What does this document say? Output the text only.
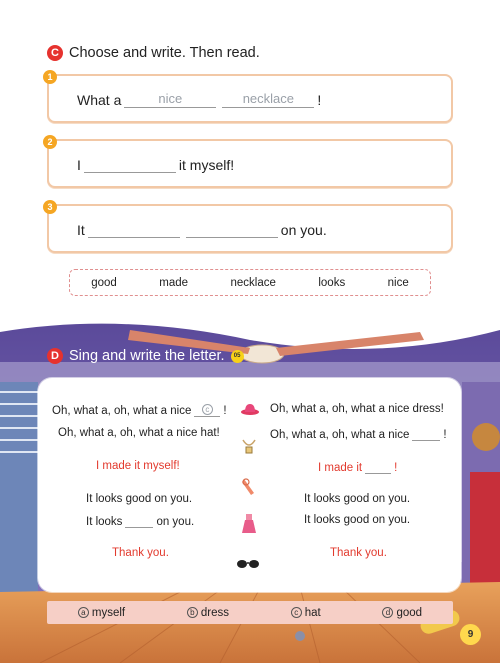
C Choose and write. Then read.
1
What a	nice	necklace	!
2
I	it myself!
3
It	on you.
good	made	necklace	looks	nice
D Sing and write the letter.	05
Oh, what a, oh, what a nice	c	!
Oh, what a, oh, what a nice hat!
I made it myself!
It looks good on you.
It looks	on you.
Thank you.
Oh, what a, oh, what a nice dress!
Oh, what a, oh, what a nice	!
I made it	!
It looks good on you.
It looks good on you.
Thank you.
a myself	b dress	c hat	d good
9
